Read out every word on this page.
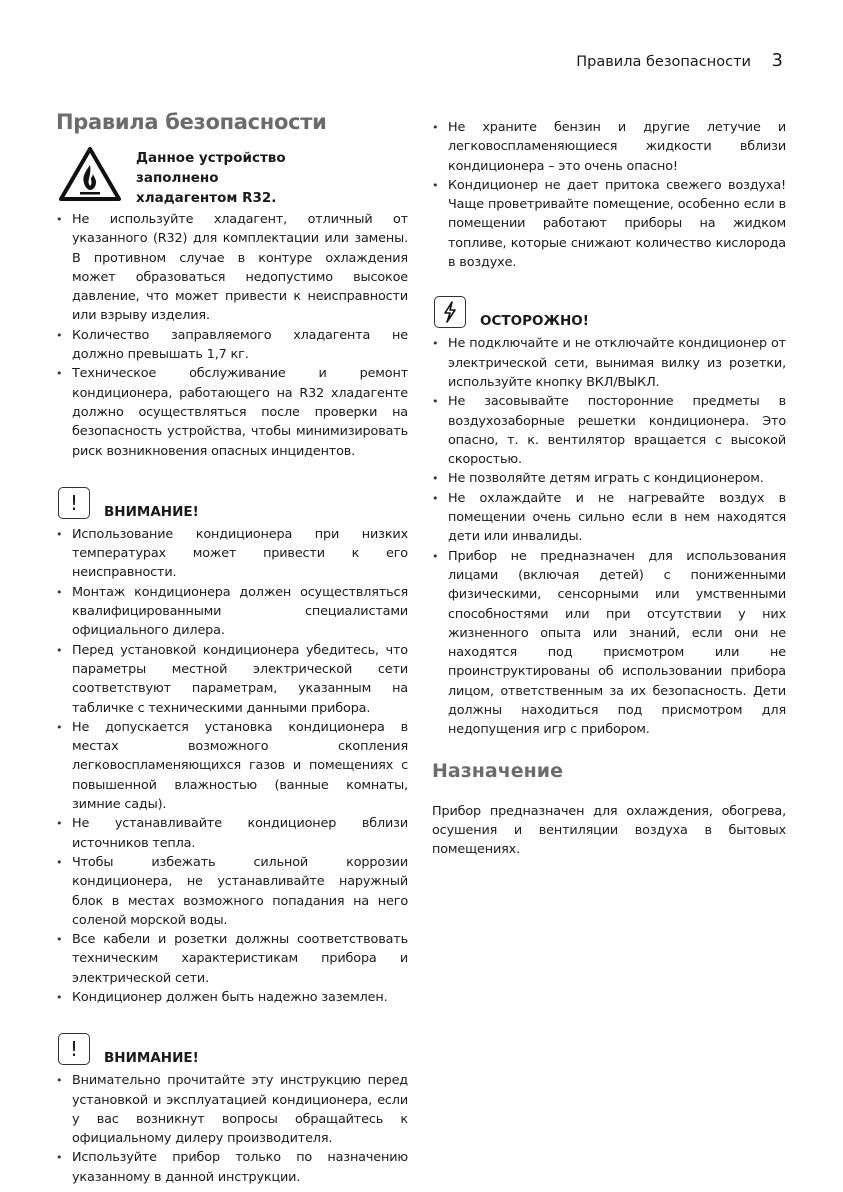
Правила безопасности 3
Правила безопасности
Данное устройство
заполнено
хладагентом R32.
• Не используйте хладагент, отличный от указанного (R32) для комплектации или замены. В противном случае в контуре охлаждения может образоваться недопустимо высокое давление, что может привести к неисправности или взрыву изделия.
• Количество заправляемого хладагента не должно превышать 1,7 кг.
• Техническое обслуживание и ремонт кондиционера, работающего на R32 хладагенте должно осуществляться после проверки на безопасность устройства, чтобы минимизировать риск возникновения опасных инцидентов.
! ВНИМАНИЕ!
• Использование кондиционера при низких температурах может привести к его неисправности.
• Монтаж кондиционера должен осуществляться квалифицированными специалистами официального дилера.
• Перед установкой кондиционера убедитесь, что параметры местной электрической сети соответствуют параметрам, указанным на табличке с техническими данными прибора.
• Не допускается установка кондиционера в местах возможного скопления легковоспламеняющихся газов и помещениях с повышенной влажностью (ванные комнаты, зимние сады).
• Не устанавливайте кондиционер вблизи источников тепла.
• Чтобы избежать сильной коррозии кондиционера, не устанавливайте наружный блок в местах возможного попадания на него соленой морской воды.
• Все кабели и розетки должны соответствовать техническим характеристикам прибора и электрической сети.
• Кондиционер должен быть надежно заземлен.
! ВНИМАНИЕ!
• Внимательно прочитайте эту инструкцию перед установкой и эксплуатацией кондиционера, если у вас возникнут вопросы обращайтесь к официальному дилеру производителя.
• Используйте прибор только по назначению указанному в данной инструкции.
• Не храните бензин и другие летучие и легковоспламеняющиеся жидкости вблизи кондиционера – это очень опасно!
• Кондиционер не дает притока свежего воздуха! Чаще проветривайте помещение, особенно если в помещении работают приборы на жидком топливе, которые снижают количество кислорода в воздухе.
ОСТОРОЖНО!
• Не подключайте и не отключайте кондиционер от электрической сети, вынимая вилку из розетки, используйте кнопку ВКЛ/ВЫКЛ.
• Не засовывайте посторонние предметы в воздухозаборные решетки кондиционера. Это опасно, т. к. вентилятор вращается с высокой скоростью.
• Не позволяйте детям играть с кондиционером.
• Не охлаждайте и не нагревайте воздух в помещении очень сильно если в нем находятся дети или инвалиды.
• Прибор не предназначен для использования лицами (включая детей) с пониженными физическими, сенсорными или умственными способностями или при отсутствии у них жизненного опыта или знаний, если они не находятся под присмотром или не проинструктированы об использовании прибора лицом, ответственным за их безопасность. Дети должны находиться под присмотром для недопущения игр с прибором.
Назначение
Прибор предназначен для охлаждения, обогрева, осушения и вентиляции воздуха в бытовых помещениях.
